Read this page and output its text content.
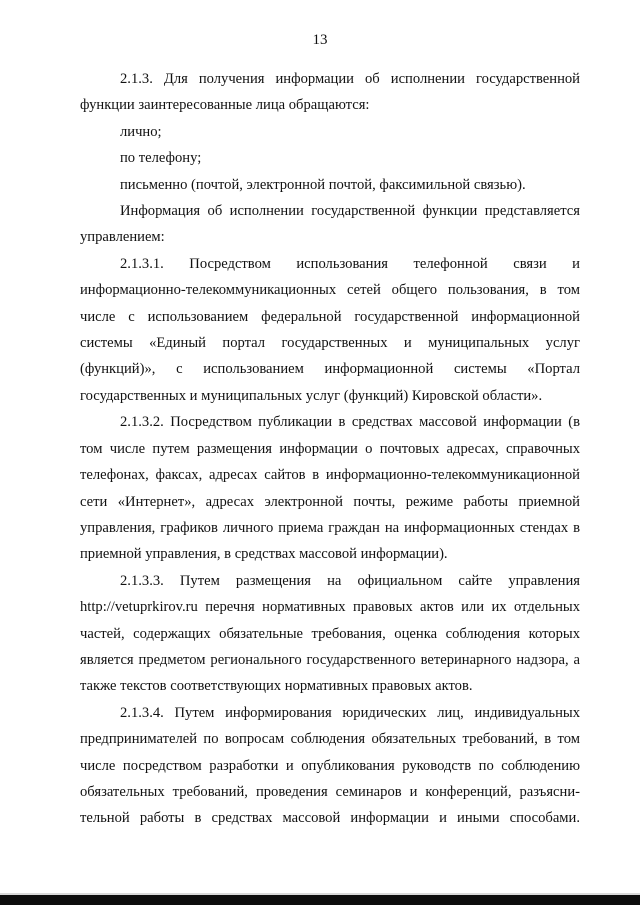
13

2.1.3. Для получения информации об исполнении государственной функции заинтересованные лица обращаются:

лично;

по телефону;

письменно (почтой, электронной почтой, факсимильной связью).

Информация об исполнении государственной функции представляется управлением:

2.1.3.1. Посредством использования телефонной связи и информационно-телекоммуникационных сетей общего пользования, в том числе с использованием федеральной государственной информационной системы «Единый портал государственных и муниципальных услуг (функций)», с использованием информационной системы «Портал государственных и муниципальных услуг (функций) Кировской области».

2.1.3.2. Посредством публикации в средствах массовой информации (в том числе путем размещения информации о почтовых адресах, справочных телефонах, факсах, адресах сайтов в информационно-телекоммуникационной сети «Интернет», адресах электронной почты, режиме работы приемной управления, графиков личного приема граждан на информационных стендах в приемной управления, в средствах массовой информации).

2.1.3.3. Путем размещения на официальном сайте управления http://vetuprkirov.ru перечня нормативных правовых актов или их отдельных частей, содержащих обязательные требования, оценка соблюдения которых является предметом регионального государственного ветеринарного надзора, а также текстов соответствующих нормативных правовых актов.

2.1.3.4. Путем информирования юридических лиц, индивидуальных предпринимателей по вопросам соблюдения обязательных требований, в том числе посредством разработки и опубликования руководств по соблюдению обязательных требований, проведения семинаров и конференций, разъясни-тельной работы в средствах массовой информации и иными способами.
